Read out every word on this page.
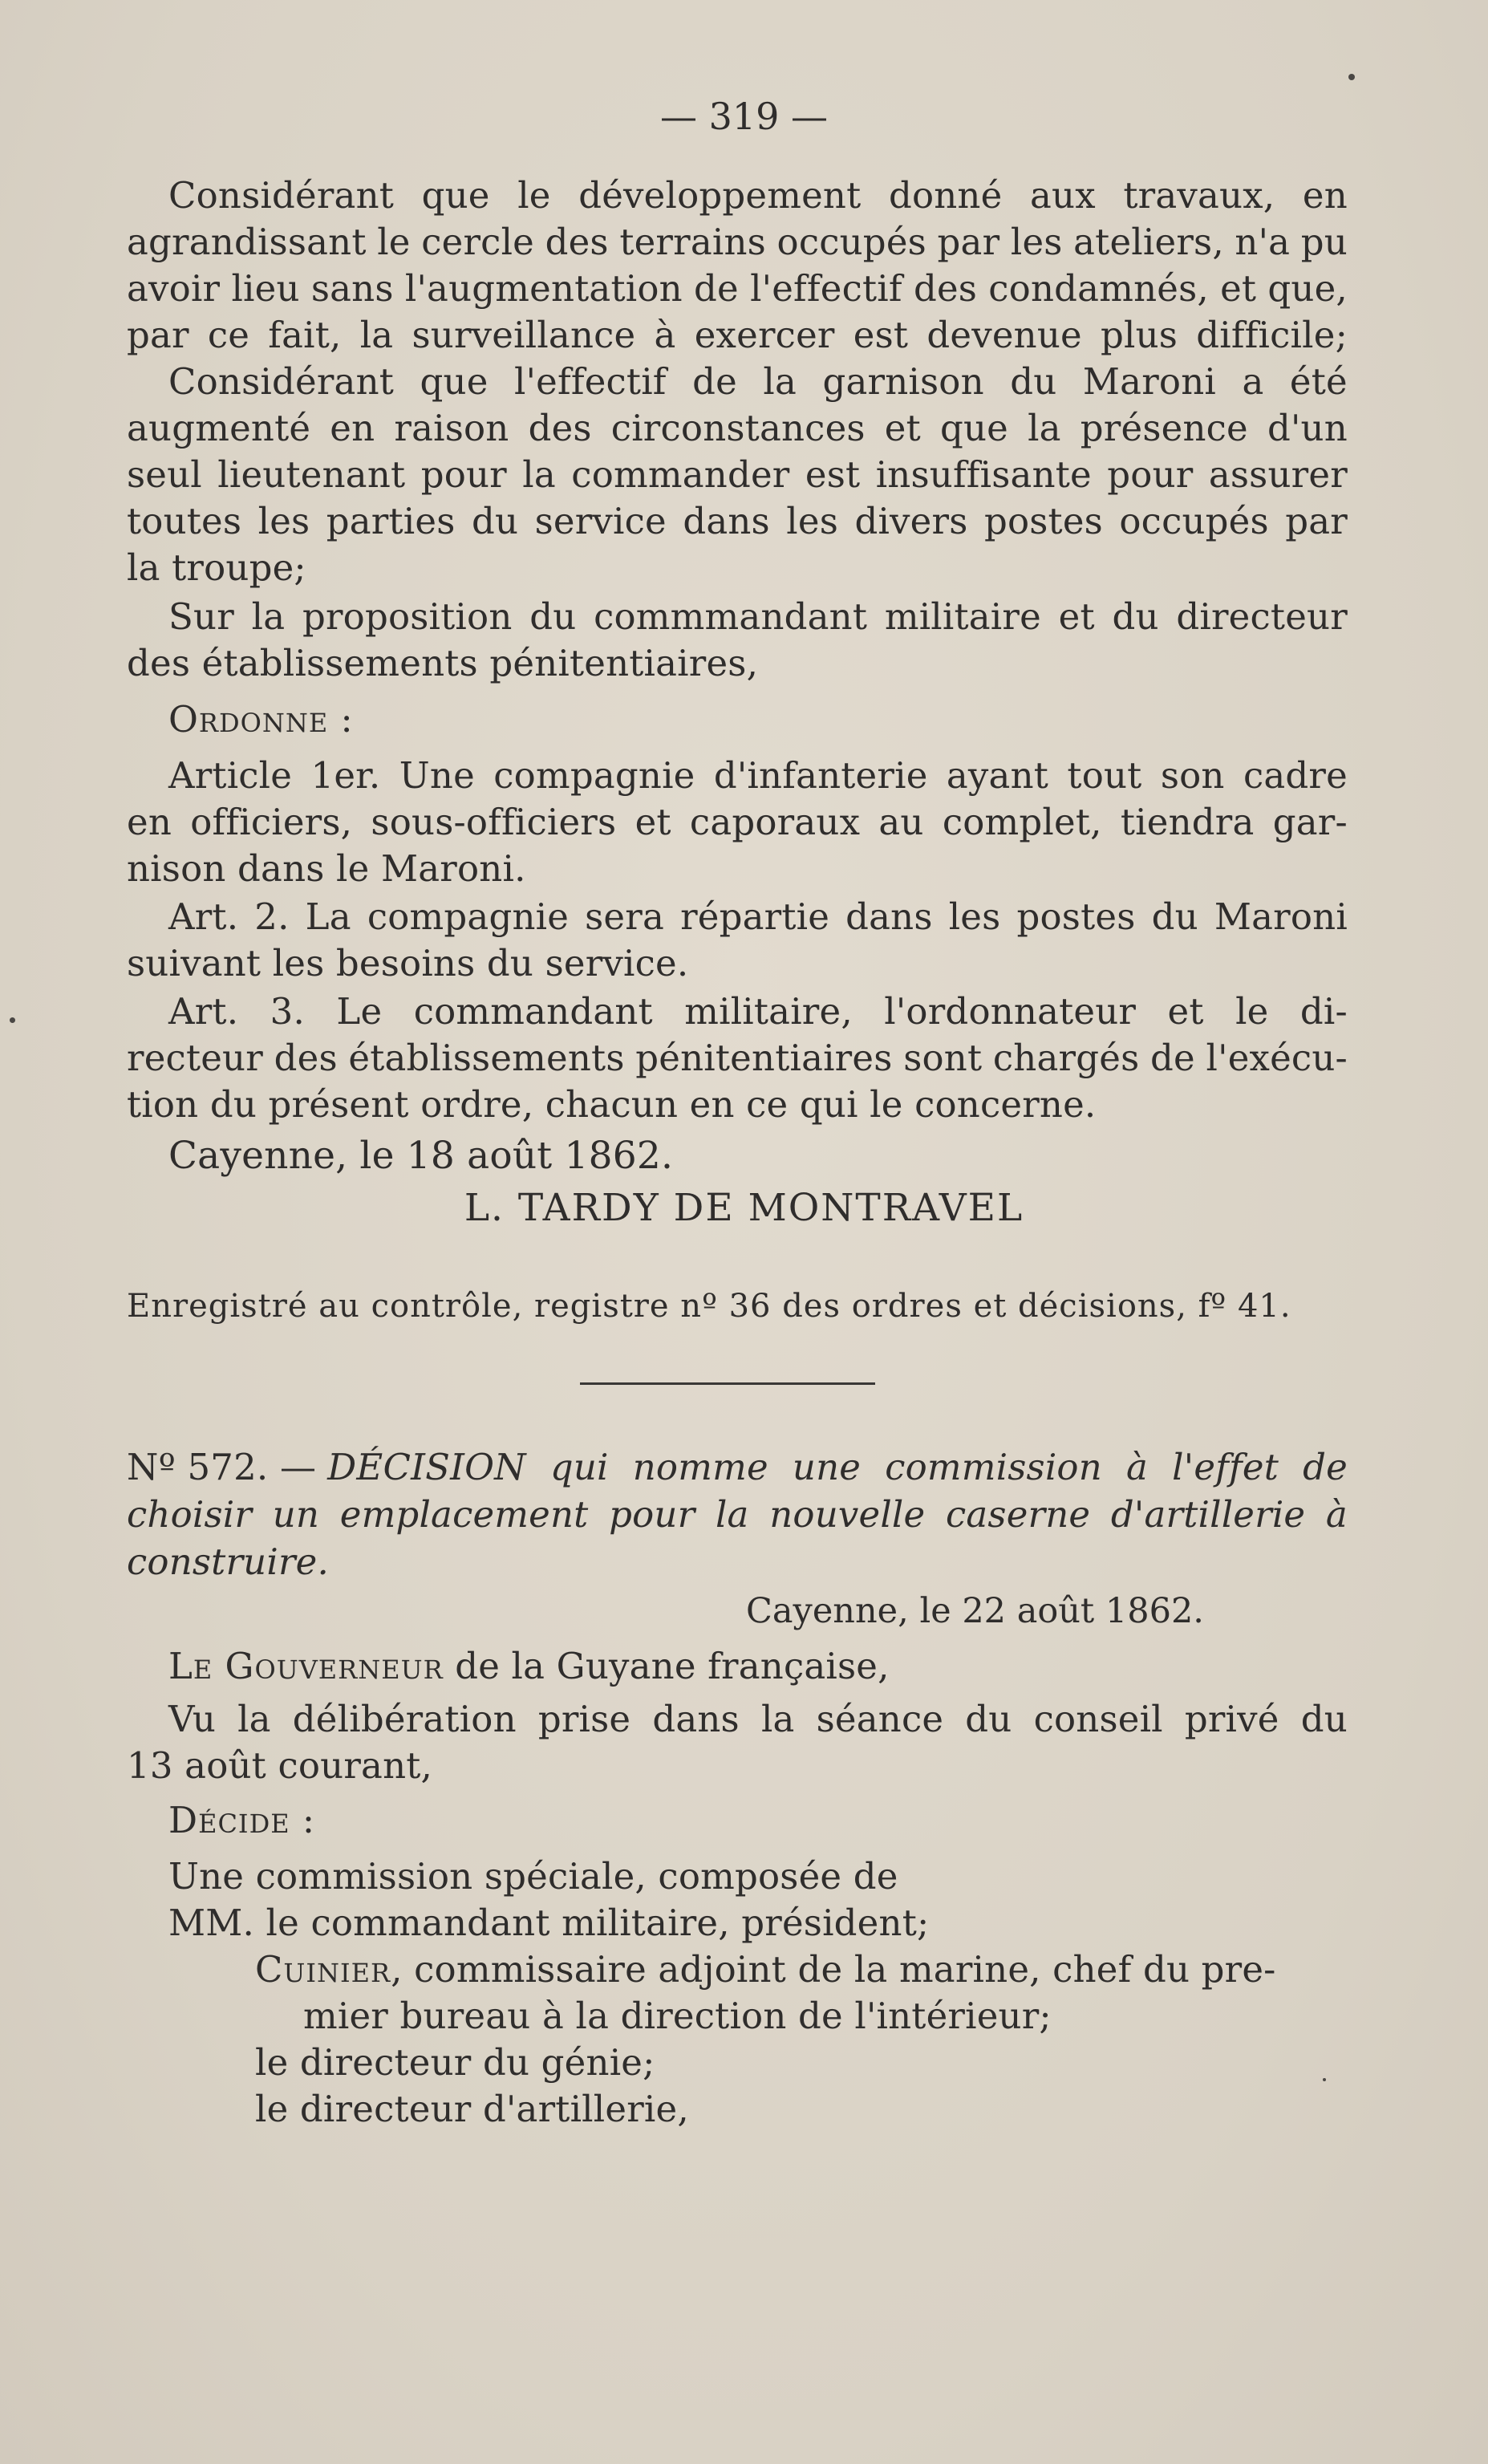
— 319 —
Considérant que le développement donné aux travaux, en
agrandissant le cercle des terrains occupés par les ateliers, n'a pu
avoir lieu sans l'augmentation de l'effectif des condamnés, et que,
par ce fait, la surveillance à exercer est devenue plus difficile;
Considérant que l'effectif de la garnison du Maroni a été
augmenté en raison des circonstances et que la présence d'un
seul lieutenant pour la commander est insuffisante pour assurer
toutes les parties du service dans les divers postes occupés par
la troupe;
Sur la proposition du commmandant militaire et du directeur
des établissements pénitentiaires,
Ordonne :
Article 1er. Une compagnie d'infanterie ayant tout son cadre
en officiers, sous-officiers et caporaux au complet, tiendra gar-
nison dans le Maroni.
Art. 2. La compagnie sera répartie dans les postes du Maroni
suivant les besoins du service.
Art. 3. Le commandant militaire, l'ordonnateur et le di-
recteur des établissements pénitentiaires sont chargés de l'exécu-
tion du présent ordre, chacun en ce qui le concerne.
Cayenne, le 18 août 1862.
L. TARDY DE MONTRAVEL
Enregistré au contrôle, registre nº 36 des ordres et décisions, fº 41.
Nº 572. — DÉCISION qui nomme une commission à l'effet de
choisir un emplacement pour la nouvelle caserne d'artillerie à
construire.
Cayenne, le 22 août 1862.
Le Gouverneur de la Guyane française,
Vu la délibération prise dans la séance du conseil privé du
13 août courant,
Décide :
Une commission spéciale, composée de
MM. le commandant militaire, président;
Cuinier, commissaire adjoint de la marine, chef du pre-
mier bureau à la direction de l'intérieur;
le directeur du génie;
le directeur d'artillerie,
